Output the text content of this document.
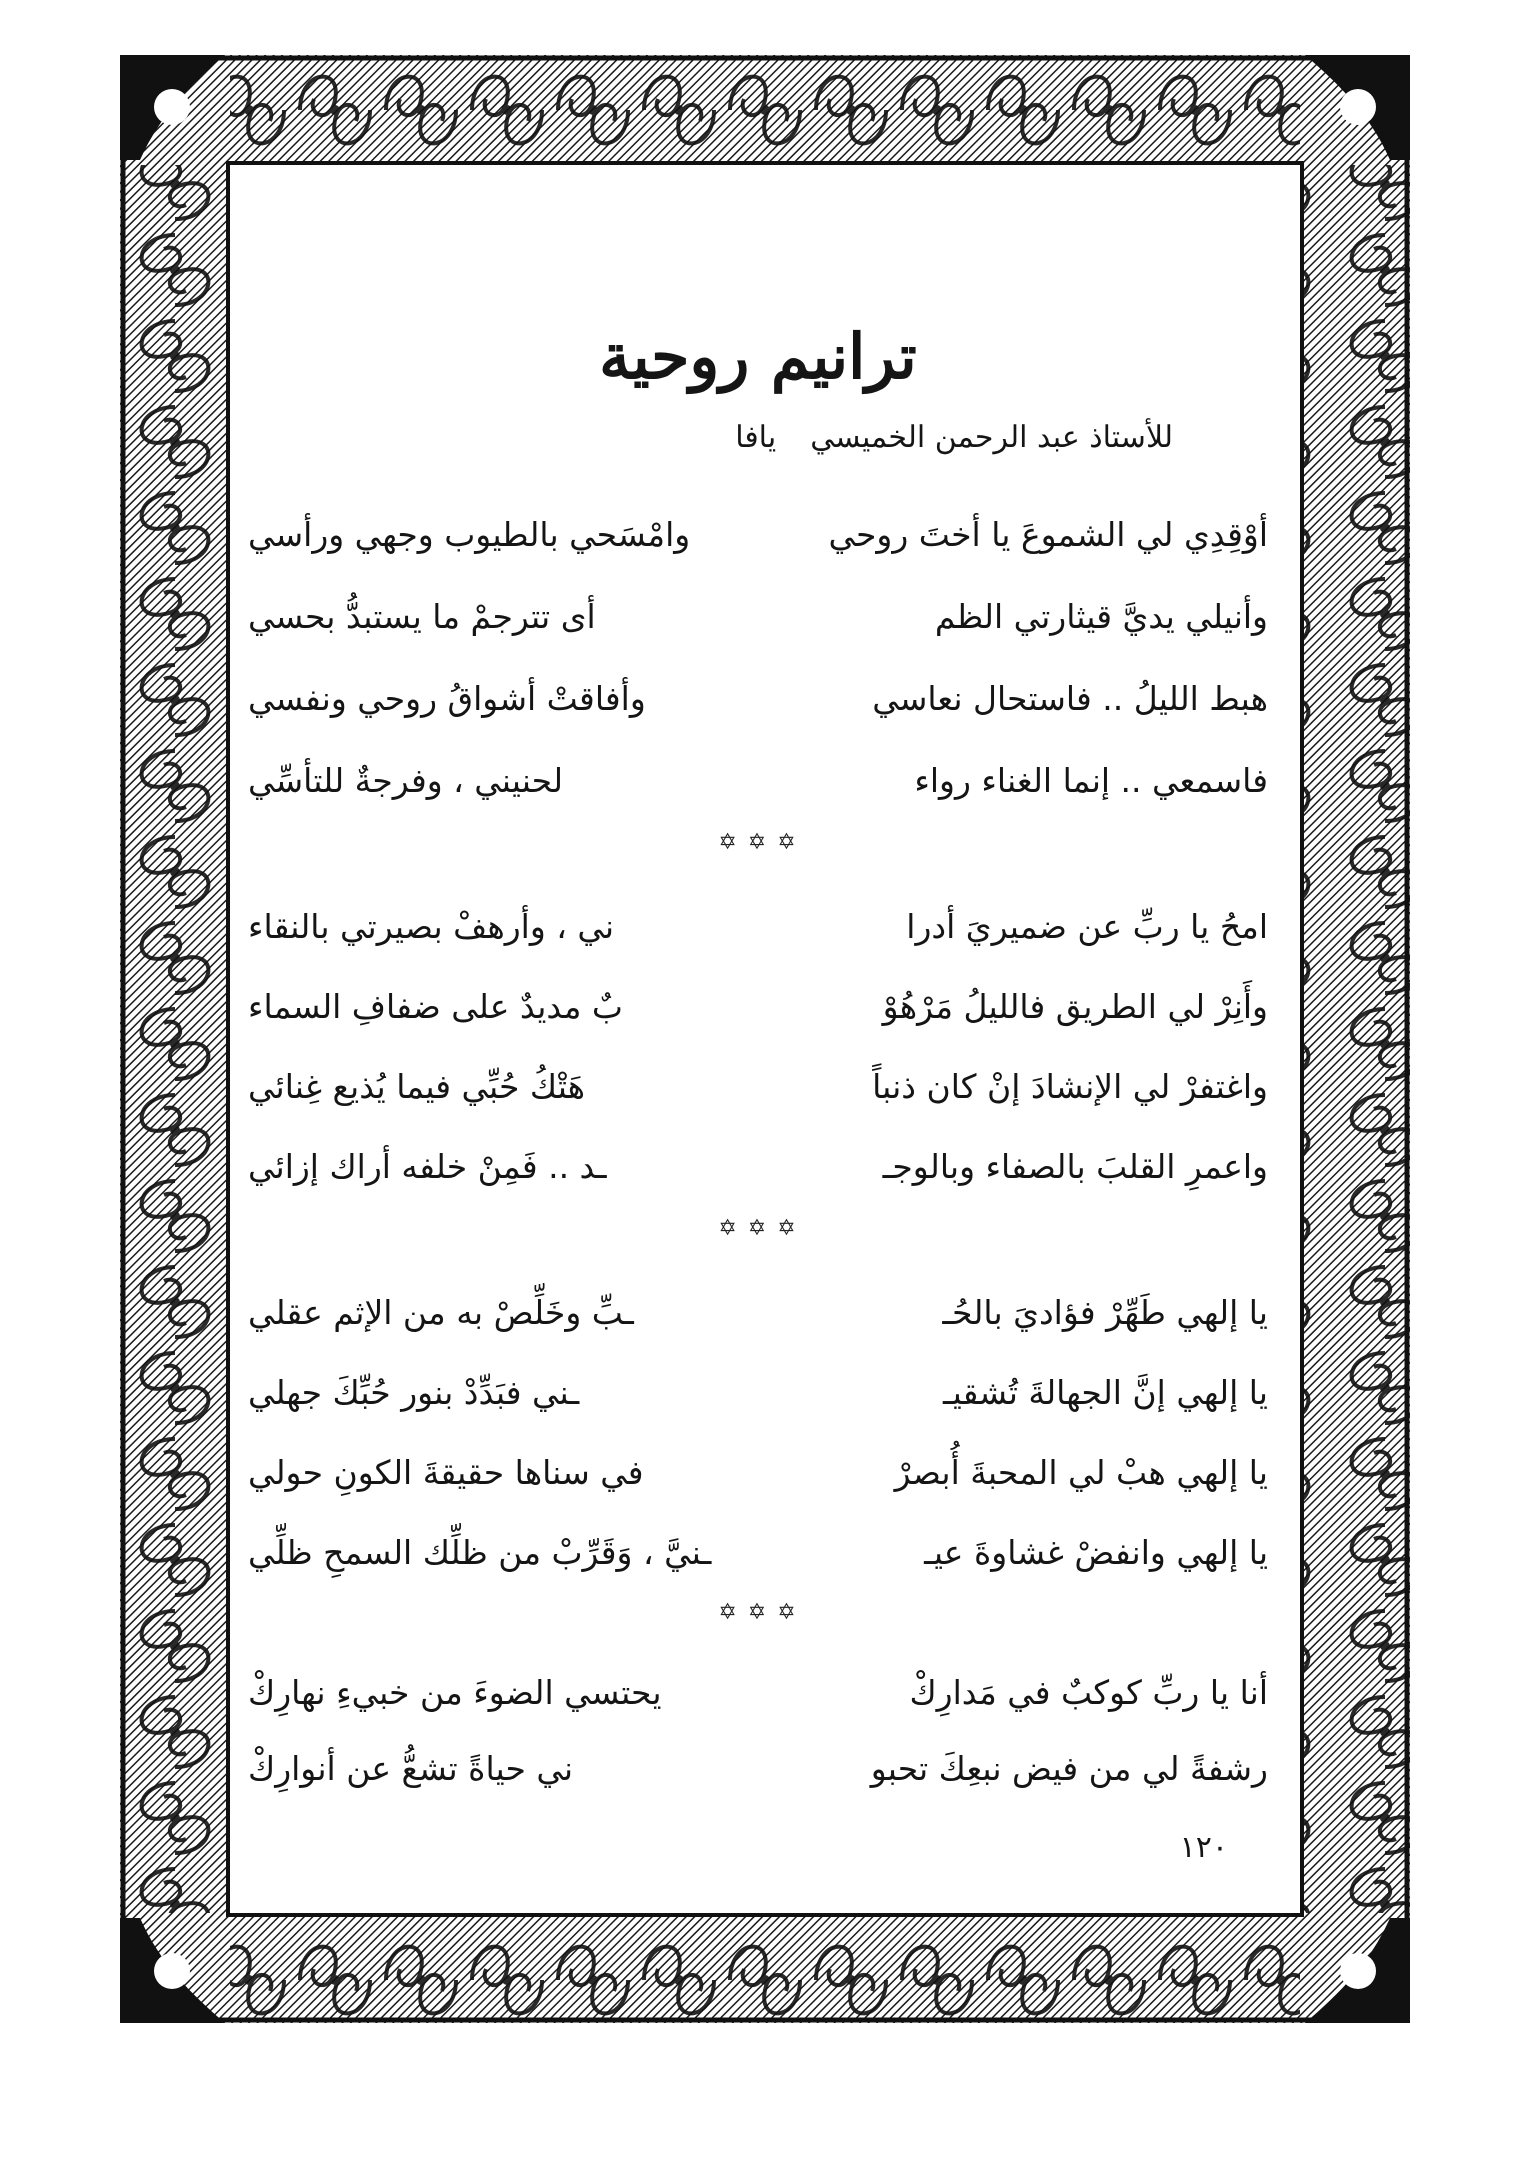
ترانيم روحية
للأستاذ عبد الرحمن الخميسي
يافا
أوْقِدِي لي الشموعَ يا أختَ روحي
وامْسَحي بالطيوب وجهي ورأسي
وأنيلي يديَّ قيثارتي الظم
أى تترجمْ ما يستبدُّ بحسي
هبط الليلُ .. فاستحال نعاسي
وأفاقتْ أشواقُ روحي ونفسي
فاسمعي .. إنما الغناء رواء
لحنيني ، وفرجةٌ للتأسِّي
✡ ✡ ✡
امحُ يا ربِّ عن ضميريَ أدرا
ني ، وأرهفْ بصيرتي بالنقاء
وأَنِرْ لي الطريق فالليلُ مَرْهُوْ
بٌ مديدٌ على ضفافِ السماء
واغتفرْ لي الإنشادَ إنْ كان ذنباً
هَتْكُ حُبِّي فيما يُذيع غِنائي
واعمرِ القلبَ بالصفاء وبالوجـ
ـد .. فَمِنْ خلفه أراك إزائي
✡ ✡ ✡
يا إلهي طَهِّرْ فؤاديَ بالحُـ
ـبِّ وخَلِّصْ به من الإثم عقلي
يا إلهي إنَّ الجهالةَ تُشقيـ
ـني فبَدِّدْ بنور حُبِّكَ جهلي
يا إلهي هبْ لي المحبةَ أُبصرْ
في سناها حقيقةَ الكونِ حولي
يا إلهي وانفضْ غشاوةَ عيـ
ـنيَّ ، وَقَرِّبْ من ظلِّك السمحِ ظلِّي
✡ ✡ ✡
أنا يا ربِّ كوكبٌ في مَدارِكْ
يحتسي الضوءَ من خبيءِ نهارِكْ
رشفةً لي من فيض نبعِكَ تحبو
ني حياةً تشعُّ عن أنوارِكْ
١٢٠
